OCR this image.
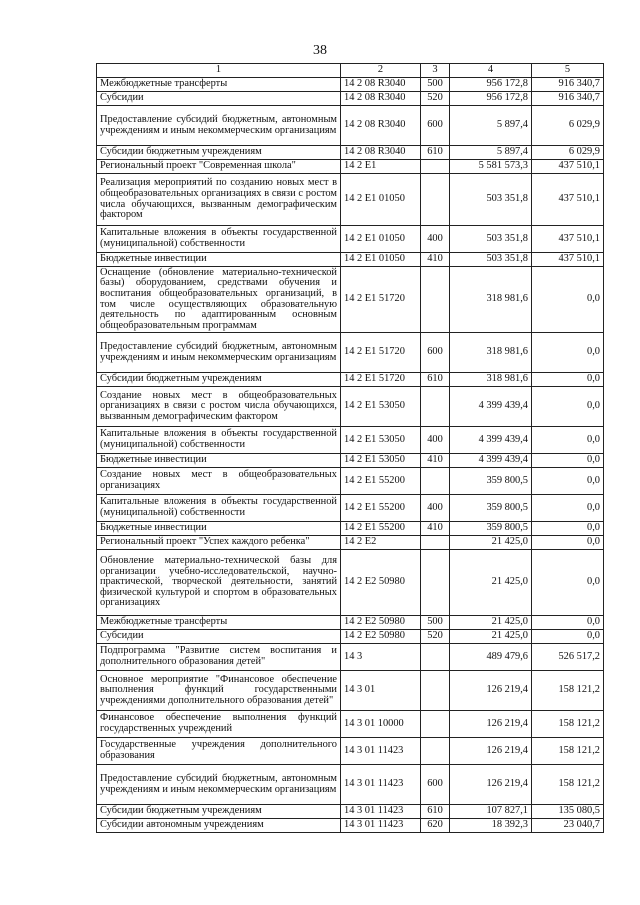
38
1	2	3	4	5
Межбюджетные трансферты	14 2 08 R3040	500	956 172,8	916 340,7
Субсидии	14 2 08 R3040	520	956 172,8	916 340,7
Предоставление субсидий бюджетным, автономным учреждениям и иным некоммерческим организациям	14 2 08 R3040	600	5 897,4	6 029,9
Субсидии бюджетным учреждениям	14 2 08 R3040	610	5 897,4	6 029,9
Региональный проект "Современная школа"	14 2 E1		5 581 573,3	437 510,1
Реализация мероприятий по созданию новых мест в общеобразовательных организациях в связи с ростом числа обучающихся, вызванным демографическим фактором	14 2 E1 01050		503 351,8	437 510,1
Капитальные вложения в объекты государственной (муниципальной) собственности	14 2 E1 01050	400	503 351,8	437 510,1
Бюджетные инвестиции	14 2 E1 01050	410	503 351,8	437 510,1
Оснащение (обновление материально-технической базы) оборудованием, средствами обучения и воспитания общеобразовательных организаций, в том числе осуществляющих образовательную деятельность по адаптированным основным общеобразовательным программам	14 2 E1 51720		318 981,6	0,0
Предоставление субсидий бюджетным, автономным учреждениям и иным некоммерческим организациям	14 2 E1 51720	600	318 981,6	0,0
Субсидии бюджетным учреждениям	14 2 E1 51720	610	318 981,6	0,0
Создание новых мест в общеобразовательных организациях в связи с ростом числа обучающихся, вызванным демографическим фактором	14 2 E1 53050		4 399 439,4	0,0
Капитальные вложения в объекты государственной (муниципальной) собственности	14 2 E1 53050	400	4 399 439,4	0,0
Бюджетные инвестиции	14 2 E1 53050	410	4 399 439,4	0,0
Создание новых мест в общеобразовательных организациях	14 2 E1 55200		359 800,5	0,0
Капитальные вложения в объекты государственной (муниципальной) собственности	14 2 E1 55200	400	359 800,5	0,0
Бюджетные инвестиции	14 2 E1 55200	410	359 800,5	0,0
Региональный проект "Успех каждого ребенка"	14 2 E2		21 425,0	0,0
Обновление материально-технической базы для организации учебно-исследовательской, научно-практической, творческой деятельности, занятий физической культурой и спортом в образовательных организациях	14 2 E2 50980		21 425,0	0,0
Межбюджетные трансферты	14 2 E2 50980	500	21 425,0	0,0
Субсидии	14 2 E2 50980	520	21 425,0	0,0
Подпрограмма "Развитие систем воспитания и дополнительного образования детей"	14 3		489 479,6	526 517,2
Основное мероприятие "Финансовое обеспечение выполнения функций государственными учреждениями дополнительного образования детей"	14 3 01		126 219,4	158 121,2
Финансовое обеспечение выполнения функций государственных учреждений	14 3 01 10000		126 219,4	158 121,2
Государственные учреждения дополнительного образования	14 3 01 11423		126 219,4	158 121,2
Предоставление субсидий бюджетным, автономным учреждениям и иным некоммерческим организациям	14 3 01 11423	600	126 219,4	158 121,2
Субсидии бюджетным учреждениям	14 3 01 11423	610	107 827,1	135 080,5
Субсидии автономным учреждениям	14 3 01 11423	620	18 392,3	23 040,7
